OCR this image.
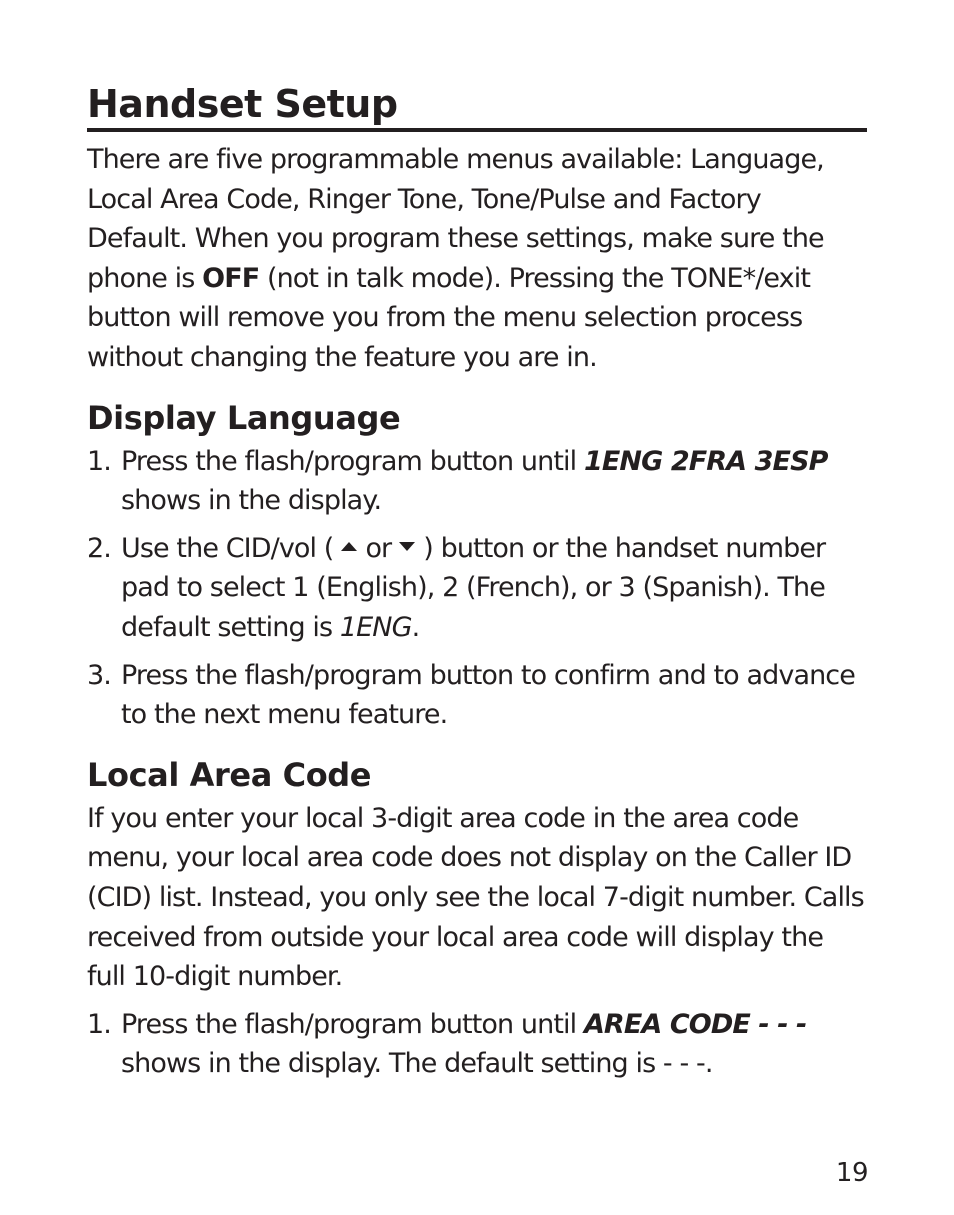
Handset Setup

There are five programmable menus available: Language, Local Area Code, Ringer Tone, Tone/Pulse and Factory Default. When you program these settings, make sure the phone is OFF (not in talk mode). Pressing the TONE*/exit button will remove you from the menu selection process without changing the feature you are in.

Display Language
1. Press the flash/program button until 1ENG 2FRA 3ESP shows in the display.
2. Use the CID/vol ( or ) button or the handset number pad to select 1 (English), 2 (French), or 3 (Spanish). The default setting is 1ENG.
3. Press the flash/program button to confirm and to advance to the next menu feature.
Local Area Code

If you enter your local 3-digit area code in the area code menu, your local area code does not display on the Caller ID (CID) list. Instead, you only see the local 7-digit number. Calls received from outside your local area code will display the full 10-digit number.

1. Press the flash/program button until AREA CODE - - - shows in the display. The default setting is - - -.
19
